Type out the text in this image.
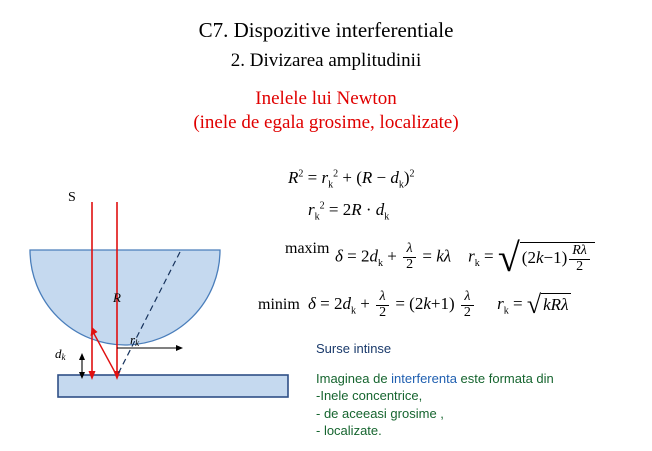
C7. Dispozitive interferentiale
2. Divizarea amplitudinii
Inelele lui Newton
(inele de egala grosime, localizate)
S
R
$r_k$
$d_k$
$R^2 = r_k^2 + (R - d_k)^2$
$r_k^2 = 2R \cdot d_k$
maxim $\delta = 2d_k + \frac{\lambda}{2} = k\lambda$ $r_k$ = √ $(2k-1) \frac{R\lambda}{2}$
minim $\delta = 2d_k + \frac{\lambda}{2} = (2k+1) \frac{\lambda}{2} r_k$ = √ kRλ
Surse intinse
Imaginea de interferenta este formata din
-Inele concentrice,
- de aceeasi grosime ,
- localizate.
